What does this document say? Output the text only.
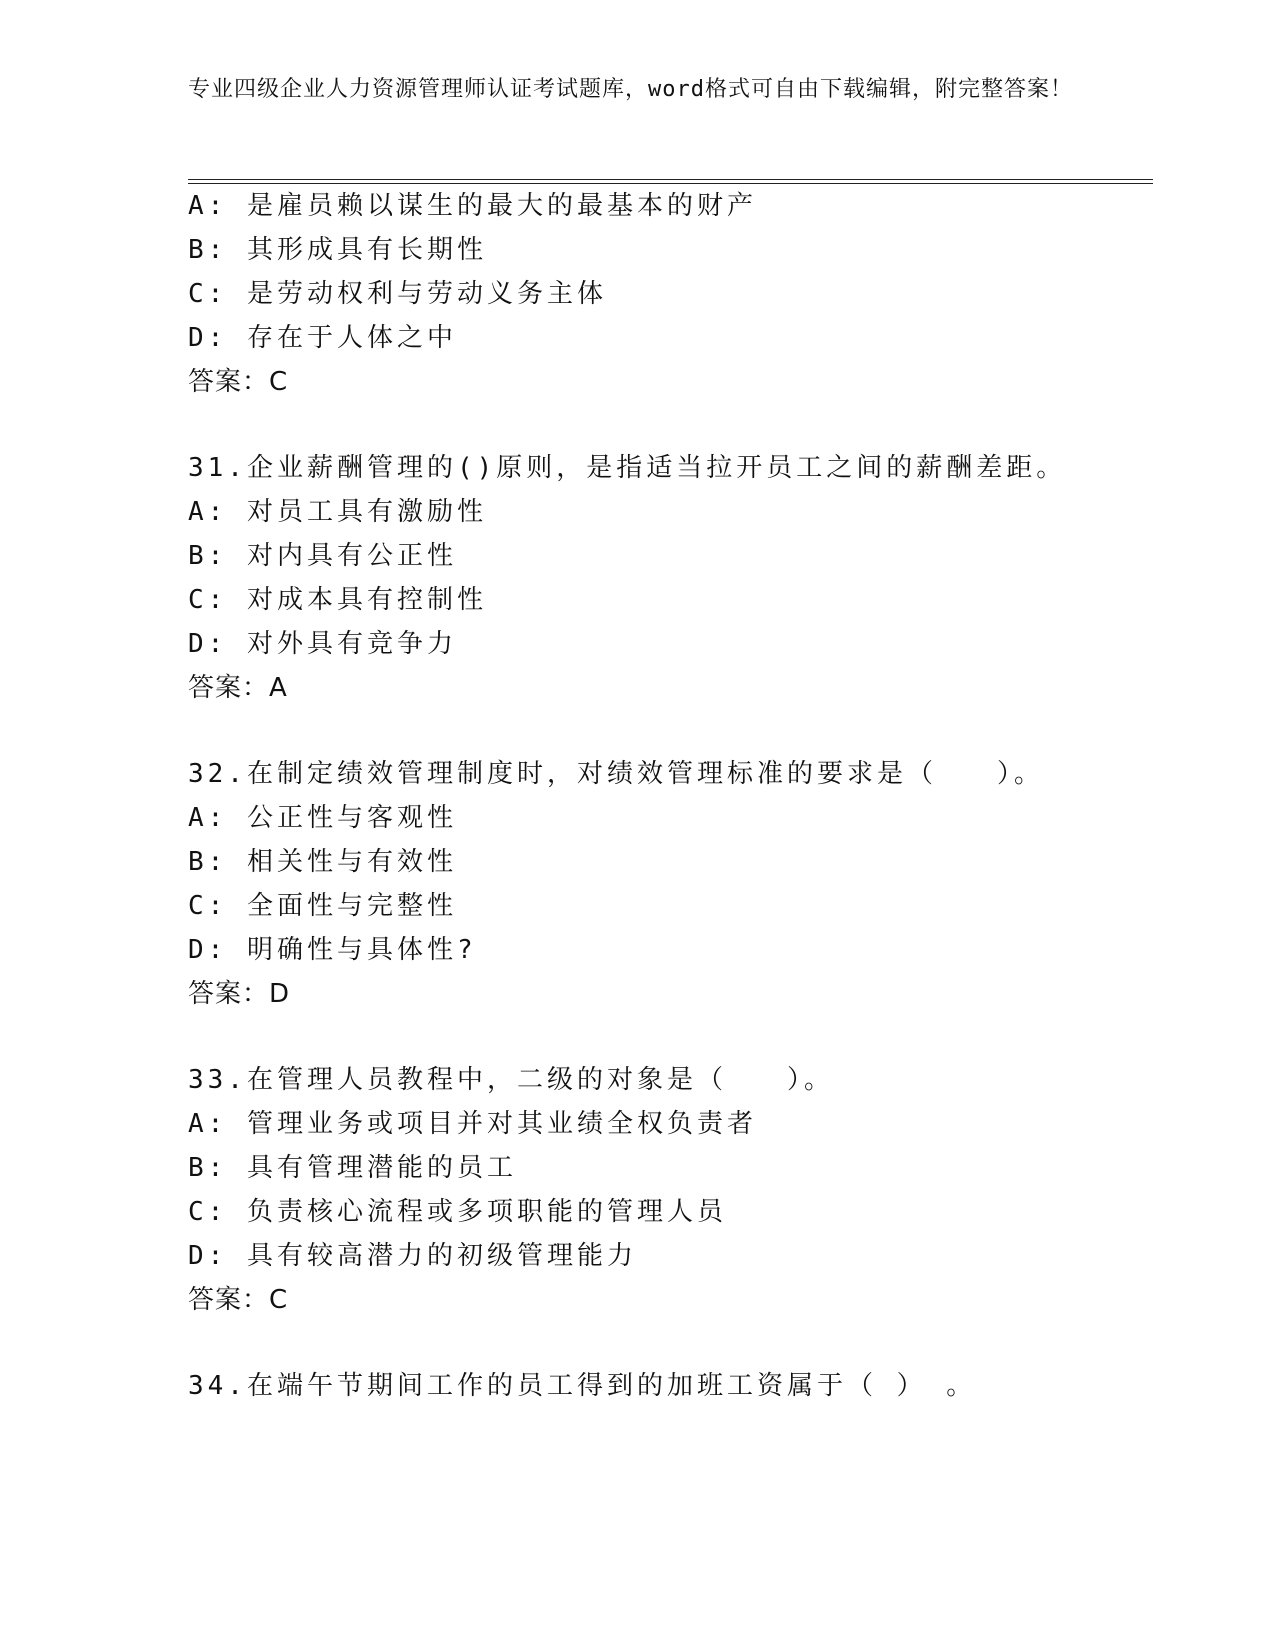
专业四级企业人力资源管理师认证考试题库，word格式可自由下载编辑，附完整答案！
A: 是雇员赖以谋生的最大的最基本的财产
B: 其形成具有长期性
C: 是劳动权利与劳动义务主体
D: 存在于人体之中
答案：C
31.企业薪酬管理的()原则，是指适当拉开员工之间的薪酬差距。
A: 对员工具有激励性
B: 对内具有公正性
C: 对成本具有控制性
D: 对外具有竞争力
答案：A
32.在制定绩效管理制度时，对绩效管理标准的要求是（　　）。
A: 公正性与客观性
B: 相关性与有效性
C: 全面性与完整性
D: 明确性与具体性?
答案：D
33.在管理人员教程中，二级的对象是（　　）。
A: 管理业务或项目并对其业绩全权负责者
B: 具有管理潜能的员工
C: 负责核心流程或多项职能的管理人员
D: 具有较高潜力的初级管理能力
答案：C
34.在端午节期间工作的员工得到的加班工资属于（ ） 。
